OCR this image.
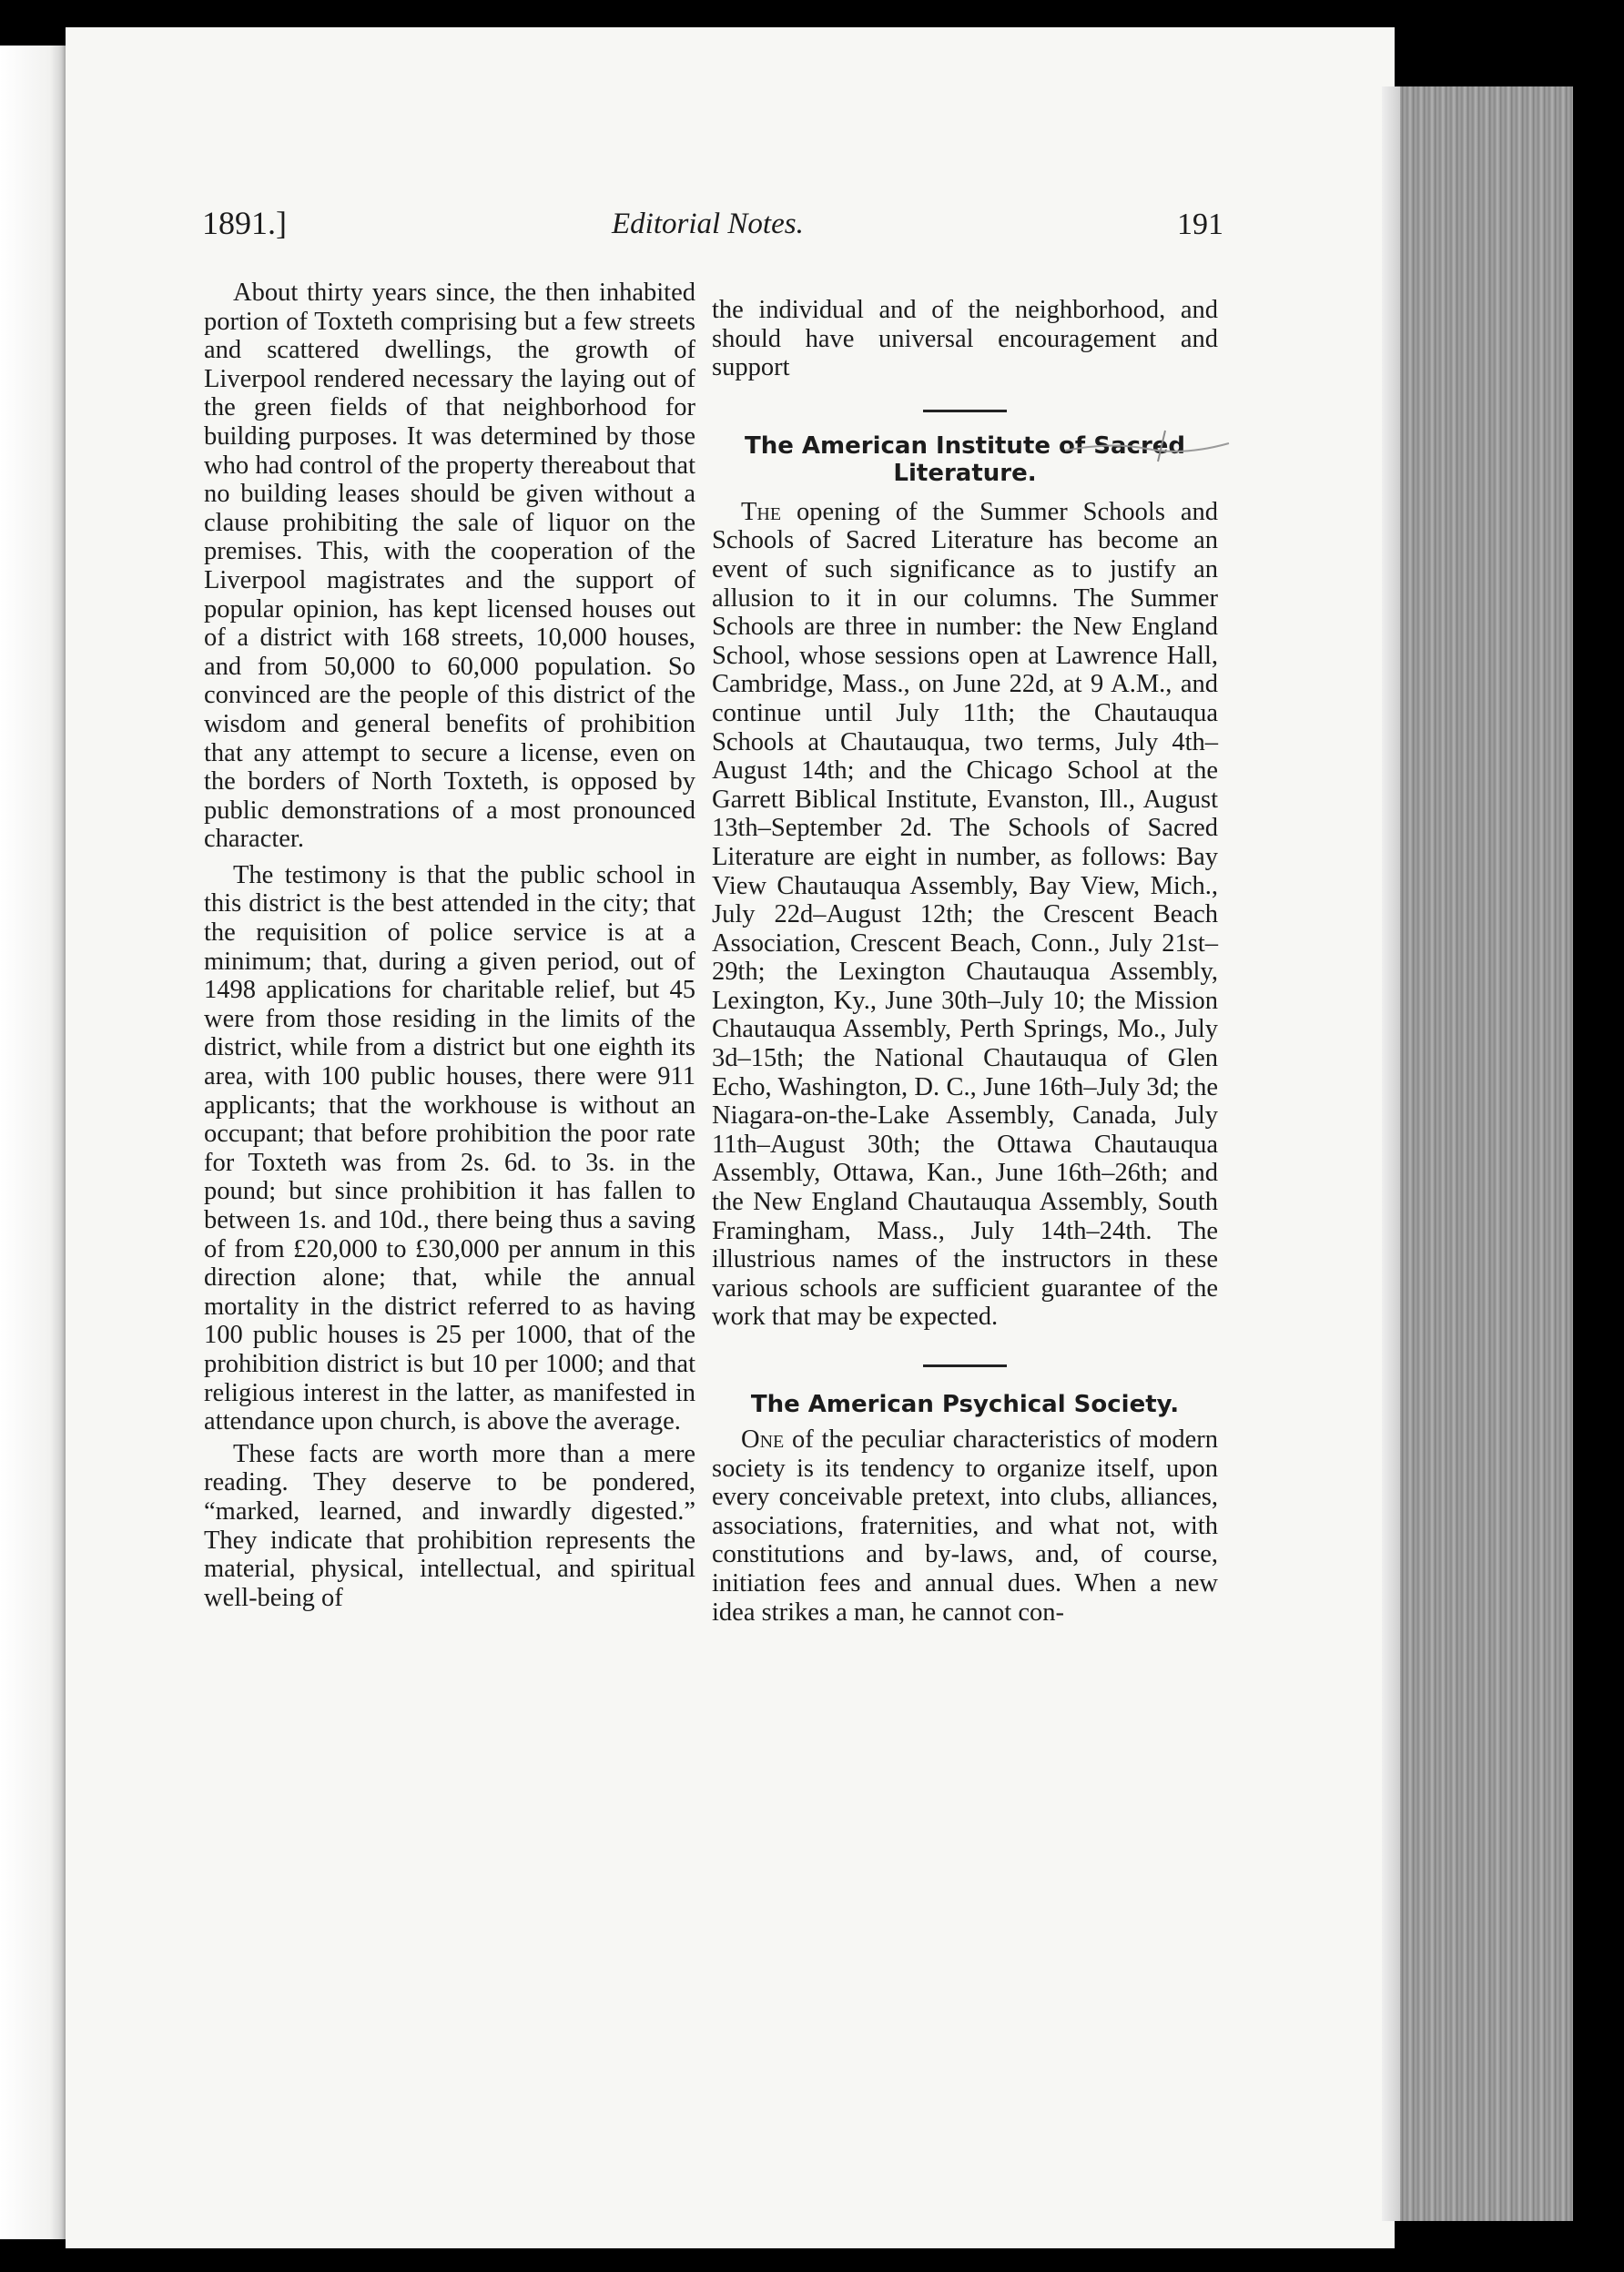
1891.]	Editorial Notes.	191

About thirty years since, the then inhabited portion of Toxteth comprising but a few streets and scattered dwellings, the growth of Liverpool rendered necessary the laying out of the green fields of that neighborhood for building purposes. It was determined by those who had control of the property thereabout that no building leases should be given without a clause prohibiting the sale of liquor on the premises. This, with the cooperation of the Liverpool magistrates and the support of popular opinion, has kept licensed houses out of a district with 168 streets, 10,000 houses, and from 50,000 to 60,000 population. So convinced are the people of this district of the wisdom and general benefits of prohibition that any attempt to secure a license, even on the borders of North Toxteth, is opposed by public demonstrations of a most pronounced character.

The testimony is that the public school in this district is the best attended in the city; that the requisition of police service is at a minimum; that, during a given period, out of 1498 applications for charitable relief, but 45 were from those residing in the limits of the district, while from a district but one eighth its area, with 100 public houses, there were 911 applicants; that the workhouse is without an occupant; that before prohibition the poor rate for Toxteth was from 2s. 6d. to 3s. in the pound; but since prohibition it has fallen to between 1s. and 10d., there being thus a saving of from £20,000 to £30,000 per annum in this direction alone; that, while the annual mortality in the district referred to as having 100 public houses is 25 per 1000, that of the prohibition district is but 10 per 1000; and that religious interest in the latter, as manifested in attendance upon church, is above the average.

These facts are worth more than a mere reading. They deserve to be pondered, “marked, learned, and inwardly digested.” They indicate that prohibition represents the material, physical, intellectual, and spiritual well-being of

the individual and of the neighborhood, and should have universal encouragement and support

The American Institute of Sacred Literature.

The opening of the Summer Schools and Schools of Sacred Literature has become an event of such significance as to justify an allusion to it in our columns. The Summer Schools are three in number: the New England School, whose sessions open at Lawrence Hall, Cambridge, Mass., on June 22d, at 9 A.M., and continue until July 11th; the Chautauqua Schools at Chautauqua, two terms, July 4th–August 14th; and the Chicago School at the Garrett Biblical Institute, Evanston, Ill., August 13th–September 2d. The Schools of Sacred Literature are eight in number, as follows: Bay View Chautauqua Assembly, Bay View, Mich., July 22d–August 12th; the Crescent Beach Association, Crescent Beach, Conn., July 21st–29th; the Lexington Chautauqua Assembly, Lexington, Ky., June 30th–July 10; the Mission Chautauqua Assembly, Perth Springs, Mo., July 3d–15th; the National Chautauqua of Glen Echo, Washington, D. C., June 16th–July 3d; the Niagara-on-the-Lake Assembly, Canada, July 11th–August 30th; the Ottawa Chautauqua Assembly, Ottawa, Kan., June 16th–26th; and the New England Chautauqua Assembly, South Framingham, Mass., July 14th–24th. The illustrious names of the instructors in these various schools are sufficient guarantee of the work that may be expected.

The American Psychical Society.

One of the peculiar characteristics of modern society is its tendency to organize itself, upon every conceivable pretext, into clubs, alliances, associations, fraternities, and what not, with constitutions and by-laws, and, of course, initiation fees and annual dues. When a new idea strikes a man, he cannot con-
